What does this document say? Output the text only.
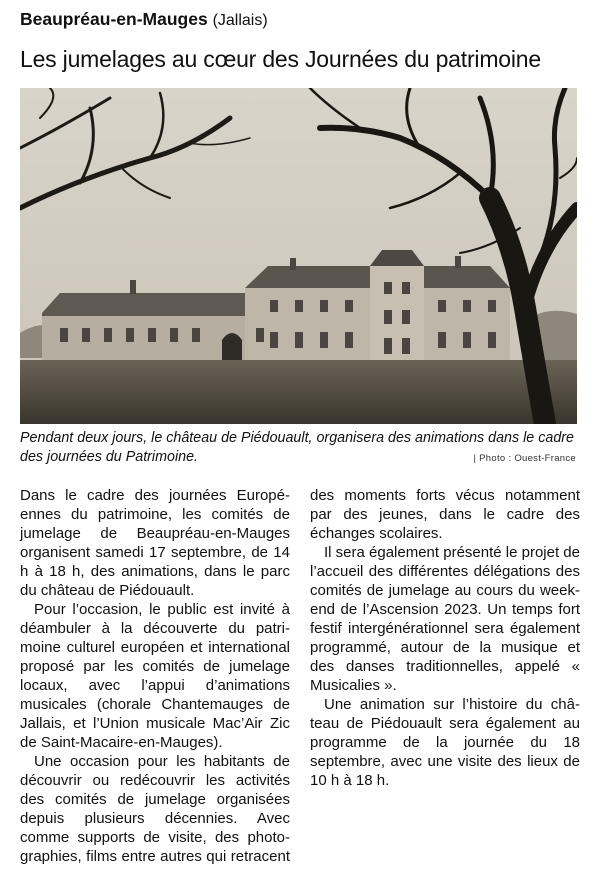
Beaupréau-en-Mauges (Jallais)
Les jumelages au cœur des Journées du patrimoine
Pendant deux jours, le château de Piédouault, organisera des animations dans le cadre des journées du Patrimoine.	| Photo : Ouest-France

Dans le cadre des journées Européennes du patrimoine, les comités de jumelage de Beaupréau-en-Mauges organisent samedi 17 septembre, de 14 h à 18 h, des animations, dans le parc du château de Piédouault.

Pour l’occasion, le public est invité à déambuler à la découverte du patrimoine culturel européen et international proposé par les comités de jumelage locaux, avec l’appui d’animations musicales (chorale Chantemauges de Jallais, et l’Union musicale Mac’Air Zic de Saint-Macaire-en-Mauges).

Une occasion pour les habitants de découvrir ou redécouvrir les activités des comités de jumelage organisées depuis plusieurs décennies. Avec comme supports de visite, des photographies, films entre autres qui retracent des moments forts vécus notamment par des jeunes, dans le cadre des échanges scolaires.

Il sera également présenté le projet de l’accueil des différentes délégations des comités de jumelage au cours du week-end de l’Ascension 2023. Un temps fort festif intergénérationnel sera également programmé, autour de la musique et des danses traditionnelles, appelé « Musicalies ».

Une animation sur l’histoire du château de Piédouault sera également au programme de la journée du 18 septembre, avec une visite des lieux de 10 h à 18 h.
